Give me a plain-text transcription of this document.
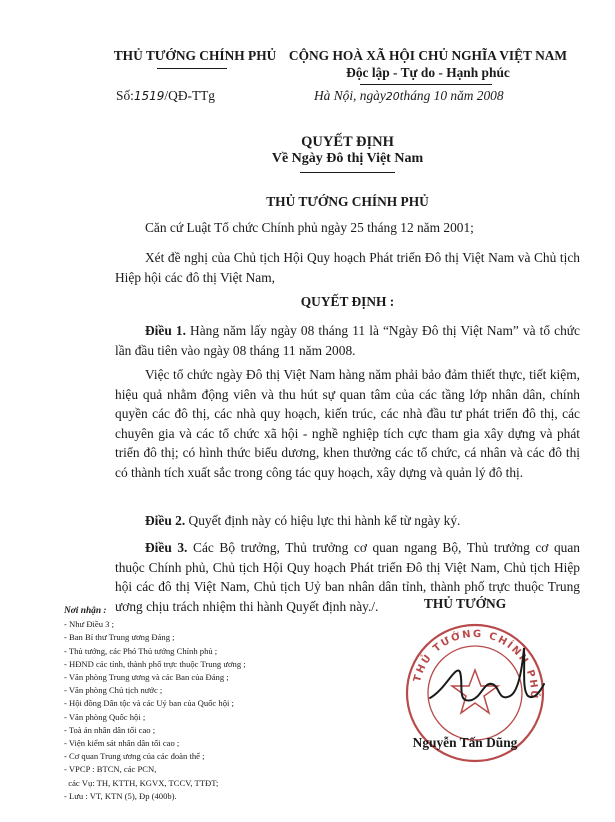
THỦ TƯỚNG CHÍNH PHỦ
Số:1519/QĐ-TTg
CỘNG HOÀ XÃ HỘI CHỦ NGHĨA VIỆT NAM
Độc lập - Tự do - Hạnh phúc
Hà Nội, ngày20tháng 10 năm 2008
QUYẾT ĐỊNH
Về Ngày Đô thị Việt Nam
THỦ TƯỚNG CHÍNH PHỦ
Căn cứ Luật Tổ chức Chính phủ ngày 25 tháng 12 năm 2001;
Xét đề nghị của Chủ tịch Hội Quy hoạch Phát triển Đô thị Việt Nam và Chủ tịch Hiệp hội các đô thị Việt Nam,
QUYẾT ĐỊNH :
Điều 1. Hàng năm lấy ngày 08 tháng 11 là “Ngày Đô thị Việt Nam” và tổ chức lần đầu tiên vào ngày 08 tháng 11 năm 2008.
Việc tổ chức ngày Đô thị Việt Nam hàng năm phải bảo đảm thiết thực, tiết kiệm, hiệu quả nhằm động viên và thu hút sự quan tâm của các tầng lớp nhân dân, chính quyền các đô thị, các nhà quy hoạch, kiến trúc, các nhà đầu tư phát triển đô thị, các chuyên gia và các tổ chức xã hội - nghề nghiệp tích cực tham gia xây dựng và phát triển đô thị; có hình thức biểu dương, khen thưởng các tổ chức, cá nhân và các đô thị có thành tích xuất sắc trong công tác quy hoạch, xây dựng và quản lý đô thị.
Điều 2. Quyết định này có hiệu lực thi hành kể từ ngày ký.
Điều 3. Các Bộ trưởng, Thủ trưởng cơ quan ngang Bộ, Thủ trưởng cơ quan thuộc Chính phủ, Chủ tịch Hội Quy hoạch Phát triển Đô thị Việt Nam, Chủ tịch Hiệp hội các đô thị Việt Nam, Chủ tịch Uỷ ban nhân dân tỉnh, thành phố trực thuộc Trung ương chịu trách nhiệm thi hành Quyết định này./.
Nơi nhận :
- Như Điều 3 ;
- Ban Bí thư Trung ương Đảng ;
- Thủ tướng, các Phó Thủ tướng Chính phủ ;
- HĐND các tỉnh, thành phố trực thuộc Trung ương ;
- Văn phòng Trung ương và các Ban của Đảng ;
- Văn phòng Chủ tịch nước ;
- Hội đồng Dân tộc và các Uỷ ban của Quốc hội ;
- Văn phòng Quốc hội ;
- Toà án nhân dân tối cao ;
- Viện kiểm sát nhân dân tối cao ;
- Cơ quan Trung ương của các đoàn thể ;
- VPCP : BTCN, các PCN,
các Vụ: TH, KTTH, KGVX, TCCV, TTĐT;
- Lưu : VT, KTN (5), Đp (400b).
THỦ TƯỚNG
THỦ TƯỚNG CHÍNH PHỦ
Nguyễn Tấn Dũng
